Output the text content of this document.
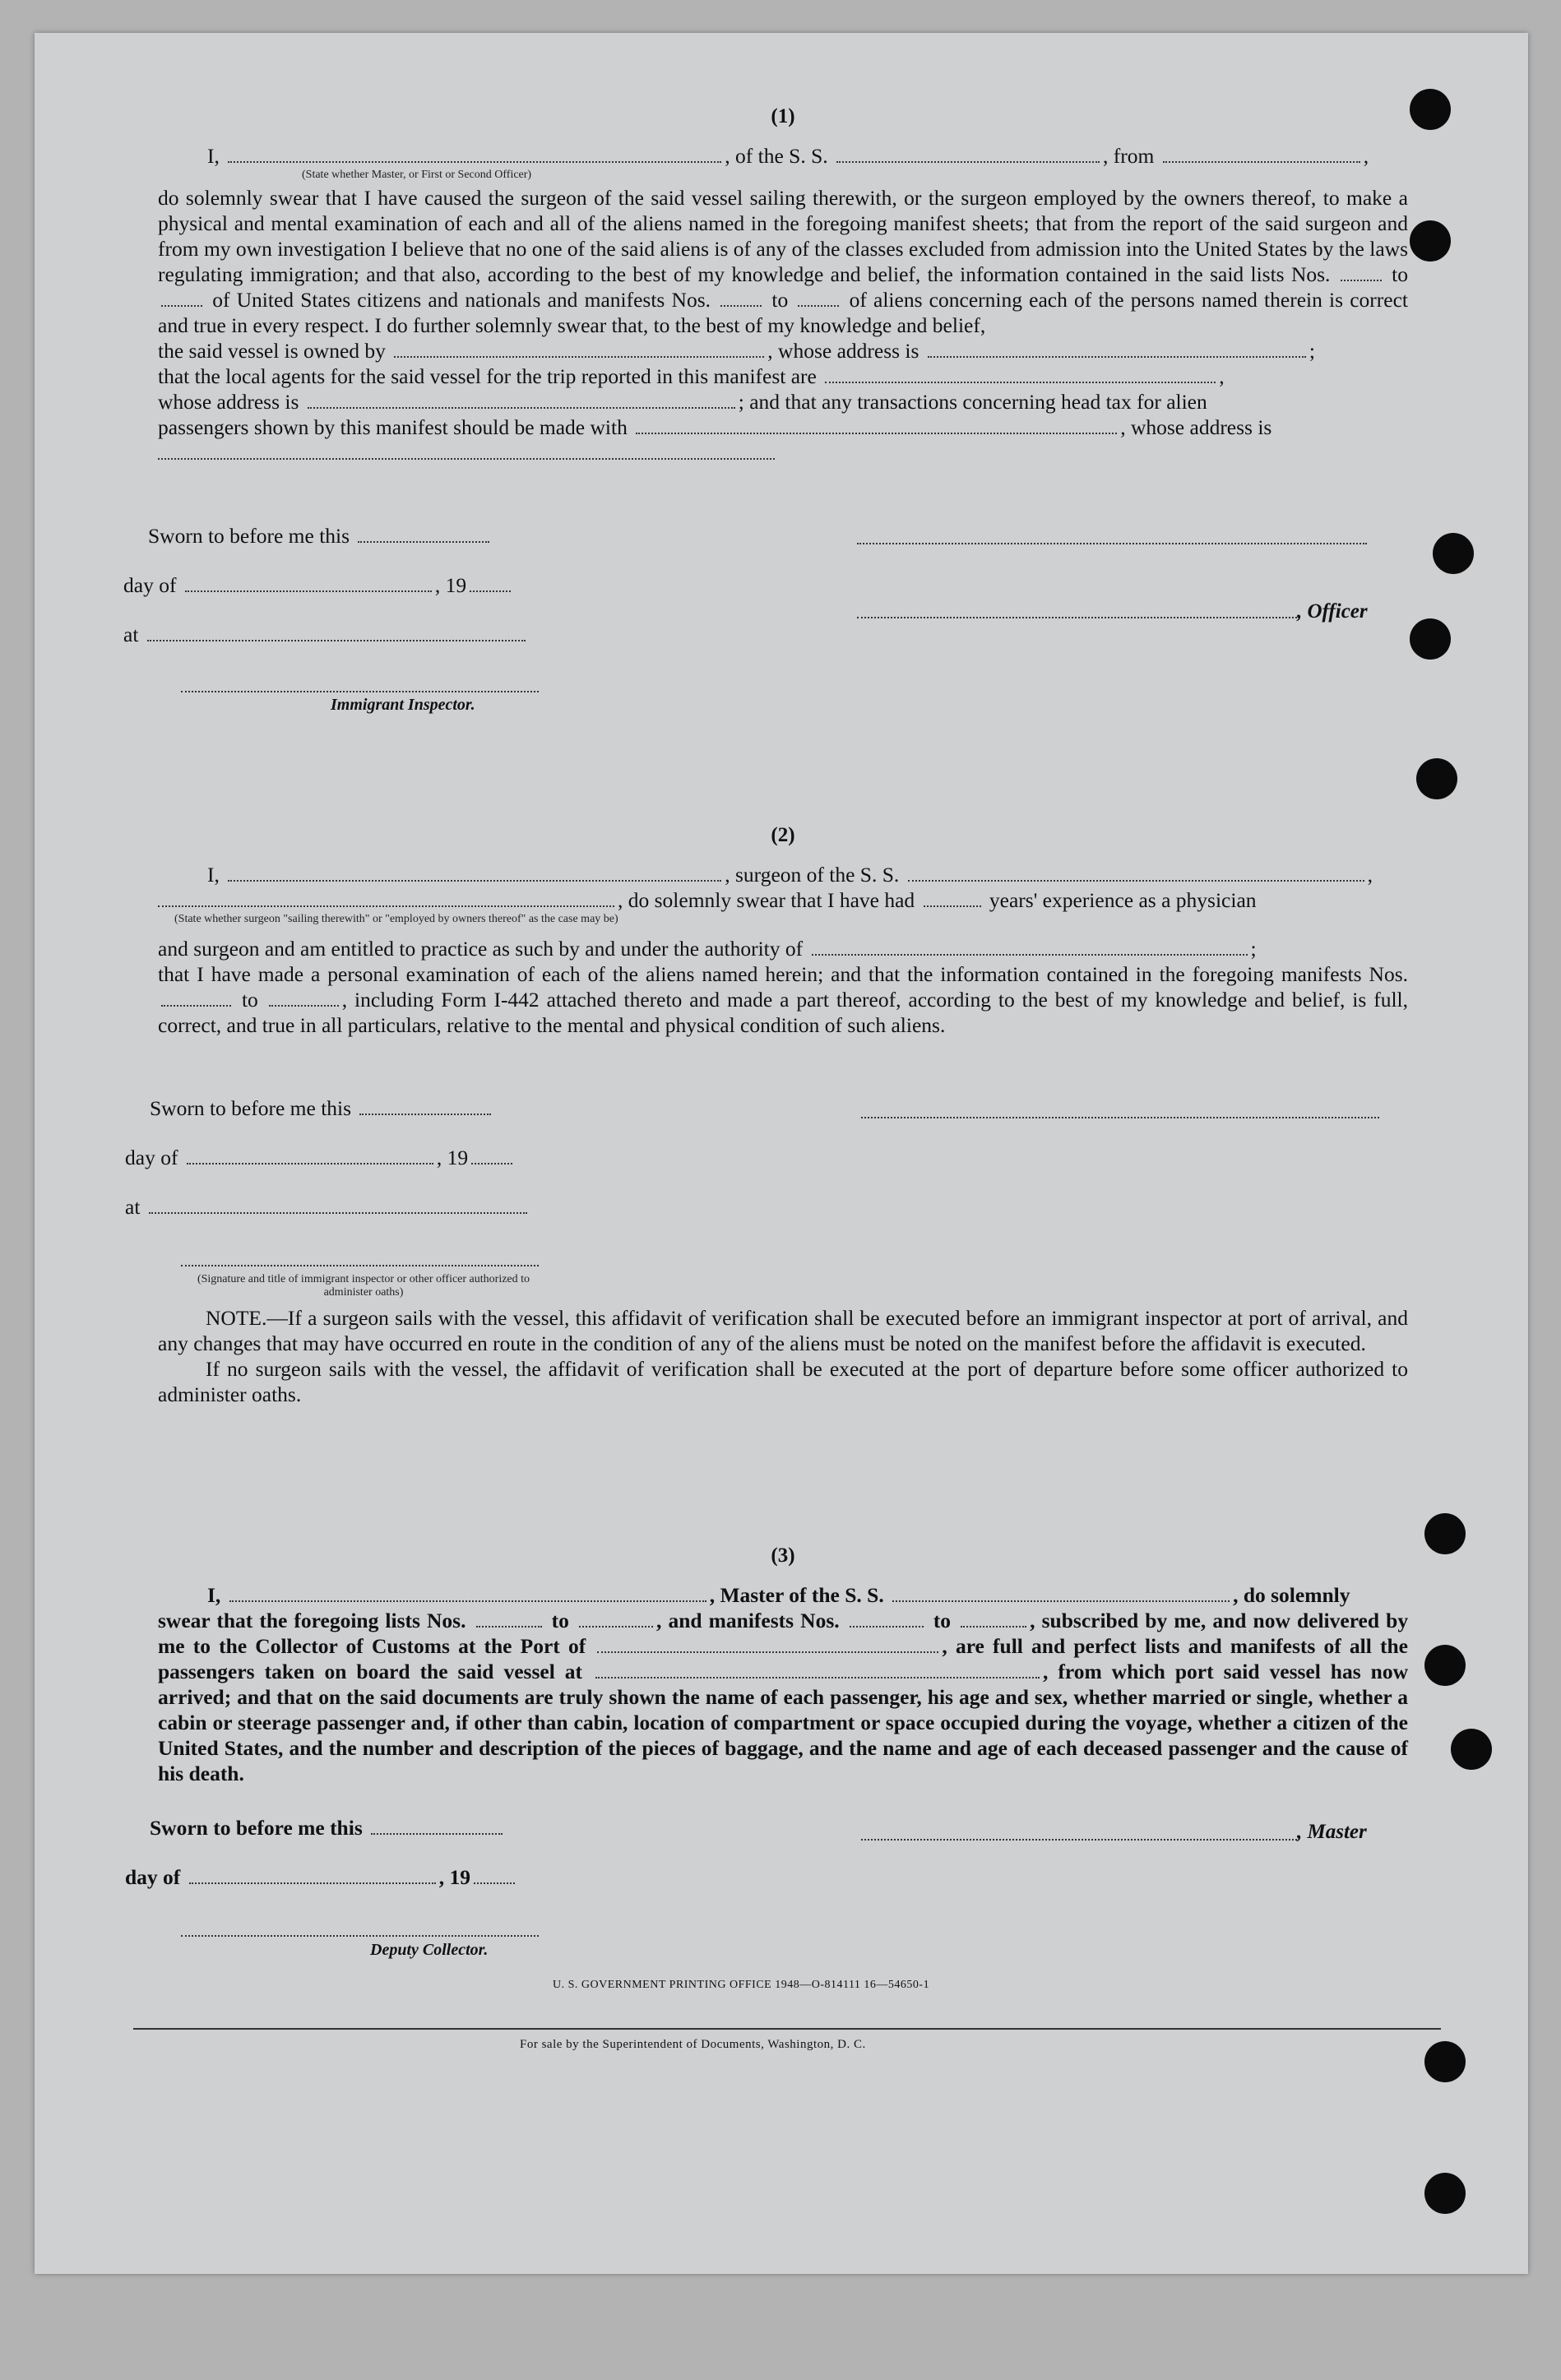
(1)
I,	, of the S. S.	, from	,
(State whether Master, or First or Second Officer)
do solemnly swear that I have caused the surgeon of the said vessel sailing therewith, or the surgeon employed by the owners thereof, to make a physical and mental examination of each and all of the aliens named in the foregoing manifest sheets; that from the report of the said surgeon and from my own investigation I believe that no one of the said aliens is of any of the classes excluded from admission into the United States by the laws regulating immigration; and that also, according to the best of my knowledge and belief, the information contained in the said lists Nos.	to  of United States citizens and nationals and manifests Nos.	to	of aliens concerning each of the persons named therein is correct and true in every respect. I do further solemnly swear that, to the best of my knowledge and belief,
the said vessel is owned by	, whose address is	;
that the local agents for the said vessel for the trip reported in this manifest are	,
whose address is	; and that any transactions concerning head tax for alien
passengers shown by this manifest should be made with	, whose address is
Sworn to before me this
day of	, 19
at
Immigrant Inspector.
, Officer
(2)
I,	, surgeon of the S. S.	,
, do solemnly swear that I have had	years' experience as a physician
(State whether surgeon "sailing therewith" or "employed by owners thereof" as the case may be)
and surgeon and am entitled to practice as such by and under the authority of	;
that I have made a personal examination of each of the aliens named herein; and that the information contained in the foregoing manifests Nos.  to	, including Form I-442 attached thereto and made a part thereof, according to the best of my knowledge and belief, is full, correct, and true in all particulars, relative to the mental and physical condition of such aliens.
Sworn to before me this
day of	, 19
at
(Signature and title of immigrant inspector or other officer authorized to administer oaths)
NOTE.—If a surgeon sails with the vessel, this affidavit of verification shall be executed before an immigrant inspector at port of arrival, and any changes that may have occurred en route in the condition of any of the aliens must be noted on the manifest before the affidavit is executed.
If no surgeon sails with the vessel, the affidavit of verification shall be executed at the port of departure before some officer authorized to administer oaths.
(3)
I,	, Master of the S. S.	, do solemnly
swear that the foregoing lists Nos.	to	, and manifests Nos.	to	, subscribed by me, and now delivered by me to the Collector of Customs at the Port of	, are full and perfect lists and manifests of all the passengers taken on board the said vessel at	, from which port said vessel has now arrived; and that on the said documents are truly shown the name of each passenger, his age and sex, whether married or single, whether a cabin or steerage passenger and, if other than cabin, location of compartment or space occupied during the voyage, whether a citizen of the United States, and the number and description of the pieces of baggage, and the name and age of each deceased passenger and the cause of his death.
Sworn to before me this
day of	, 19
, Master
Deputy Collector.
U. S. GOVERNMENT PRINTING OFFICE 1948—O-814111 16—54650-1
For sale by the Superintendent of Documents, Washington, D. C.
